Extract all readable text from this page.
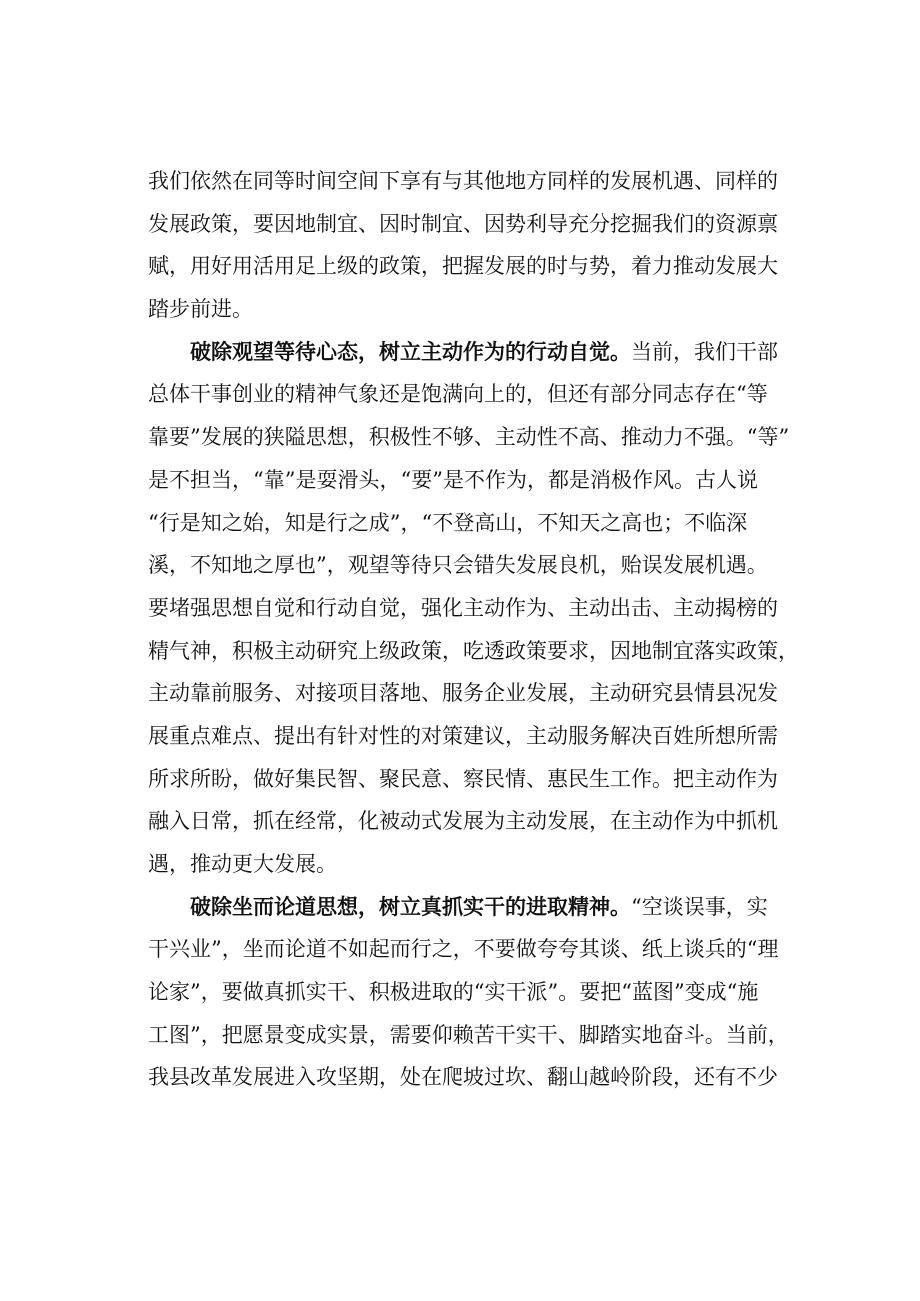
我们依然在同等时间空间下享有与其他地方同样的发展机遇、同样的
发展政策，要因地制宜、因时制宜、因势利导充分挖掘我们的资源禀
赋，用好用活用足上级的政策，把握发展的时与势，着力推动发展大
踏步前进。
破除观望等待心态，树立主动作为的行动自觉。当前，我们干部
总体干事创业的精神气象还是饱满向上的，但还有部分同志存在“等
靠要”发展的狭隘思想，积极性不够、主动性不高、推动力不强。“等”
是不担当，“靠”是耍滑头，“要”是不作为，都是消极作风。古人说
“行是知之始，知是行之成”，“不登高山，不知天之高也；不临深
溪，不知地之厚也”，观望等待只会错失发展良机，贻误发展机遇。
要堵强思想自觉和行动自觉，强化主动作为、主动出击、主动揭榜的
精气神，积极主动研究上级政策，吃透政策要求，因地制宜落实政策，
主动靠前服务、对接项目落地、服务企业发展，主动研究县情县况发
展重点难点、提出有针对性的对策建议，主动服务解决百姓所想所需
所求所盼，做好集民智、聚民意、察民情、惠民生工作。把主动作为
融入日常，抓在经常，化被动式发展为主动发展，在主动作为中抓机
遇，推动更大发展。
破除坐而论道思想，树立真抓实干的进取精神。“空谈误事，实
干兴业”，坐而论道不如起而行之，不要做夸夸其谈、纸上谈兵的“理
论家”，要做真抓实干、积极进取的“实干派”。要把“蓝图”变成“施
工图”，把愿景变成实景，需要仰赖苦干实干、脚踏实地奋斗。当前，
我县改革发展进入攻坚期，处在爬坡过坎、翻山越岭阶段，还有不少
